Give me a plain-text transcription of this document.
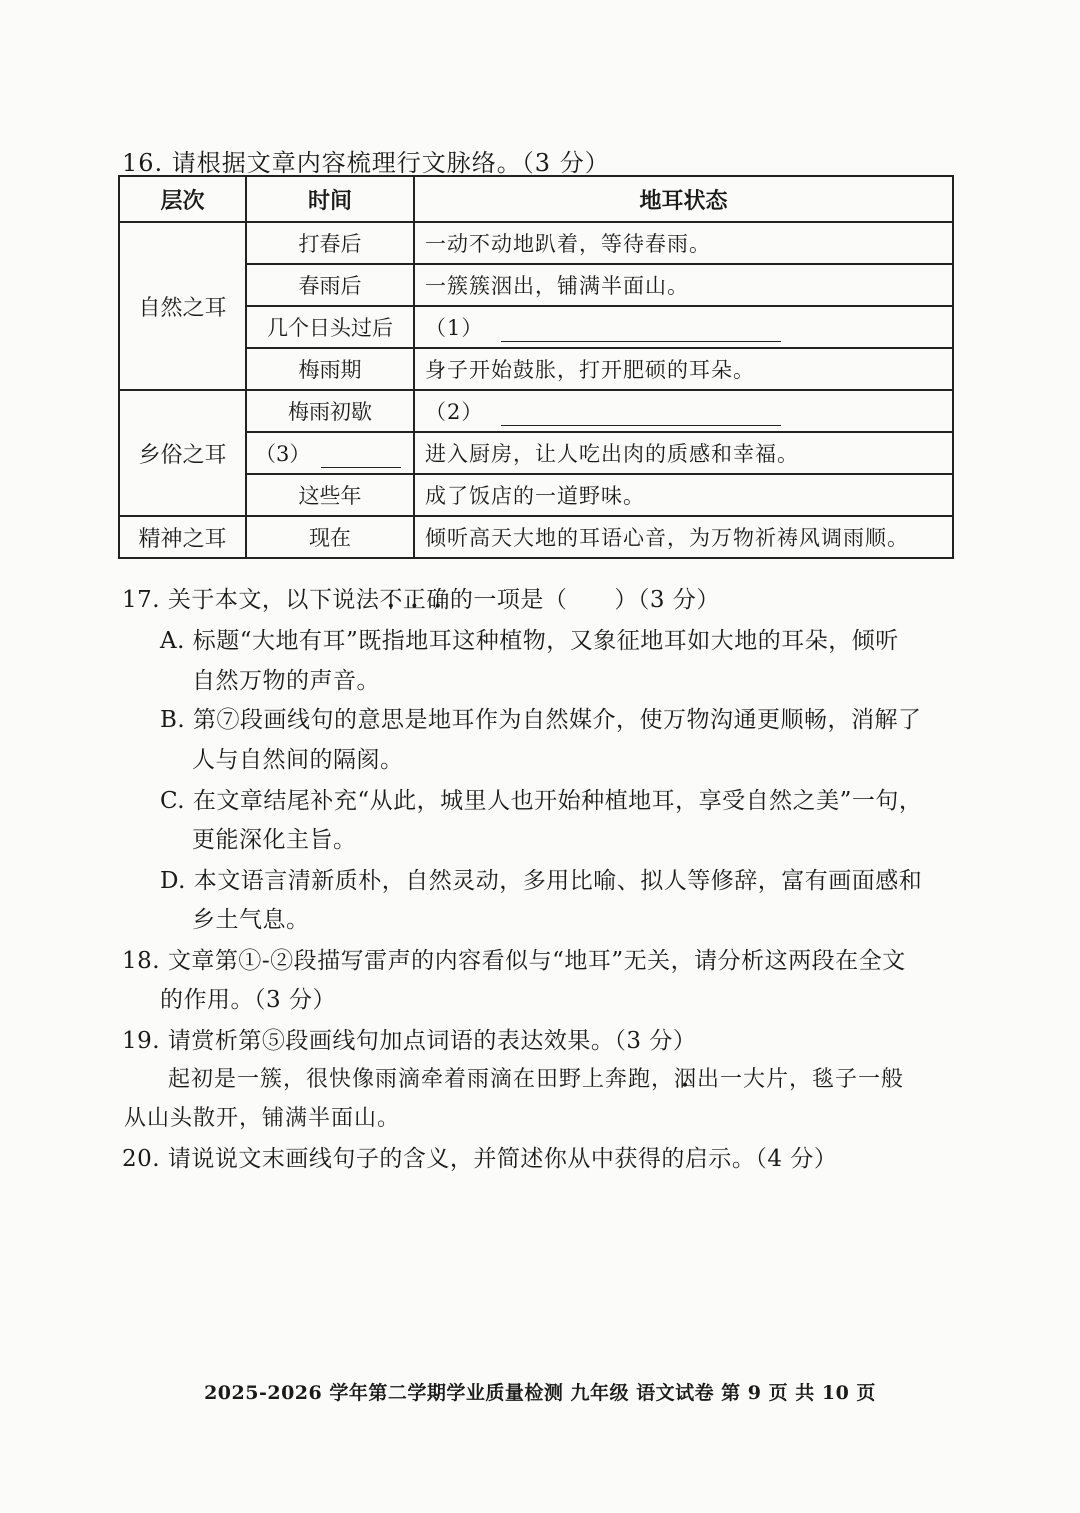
16. 请根据文章内容梳理行文脉络。（3 分）
层次	时间	地耳状态
自然之耳	打春后	一动不动地趴着，等待春雨。
	春雨后	一簇簇洇出，铺满半面山。
	几个日头过后	（1）
	梅雨期	身子开始鼓胀，打开肥硕的耳朵。
乡俗之耳	梅雨初歇	（2）
	（3）	进入厨房，让人吃出肉的质感和幸福。
	这些年	成了饭店的一道野味。
精神之耳	现在	倾听高天大地的耳语心音，为万物祈祷风调雨顺。
17. 关于本文，以下说法不正确的一项是（　　）（3 分）
A. 标题“大地有耳”既指地耳这种植物，又象征地耳如大地的耳朵，倾听
自然万物的声音。
B. 第⑦段画线句的意思是地耳作为自然媒介，使万物沟通更顺畅，消解了
人与自然间的隔阂。
C. 在文章结尾补充“从此，城里人也开始种植地耳，享受自然之美”一句，
更能深化主旨。
D. 本文语言清新质朴，自然灵动，多用比喻、拟人等修辞，富有画面感和
乡土气息。
18. 文章第①-②段描写雷声的内容看似与“地耳”无关，请分析这两段在全文
的作用。（3 分）
19. 请赏析第⑤段画线句加点词语的表达效果。（3 分）
起初是一簇，很快像雨滴牵着雨滴在田野上奔跑，洇出一大片，毯子一般
从山头散开，铺满半面山。
20. 请说说文末画线句子的含义，并简述你从中获得的启示。（4 分）
2025-2026 学年第二学期学业质量检测 九年级 语文试卷 第 9 页 共 10 页
